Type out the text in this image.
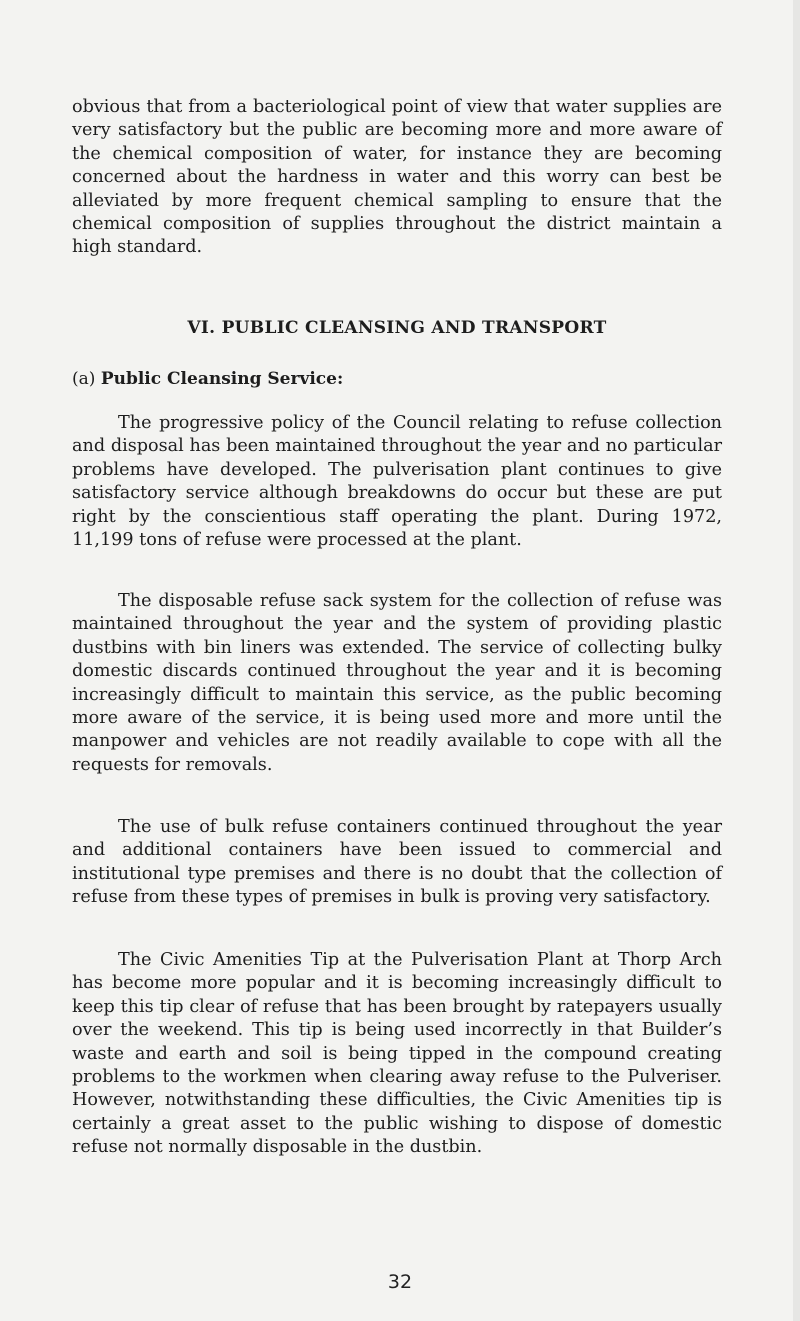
obvious that from a bacteriological point of view that water supplies are very satisfactory but the public are becoming more and more aware of the chemical composition of water, for instance they are becoming concerned about the hardness in water and this worry can best be alleviated by more frequent chemical sampling to ensure that the chemical composition of supplies throughout the district maintain a high standard.

VI. PUBLIC CLEANSING AND TRANSPORT
(a) Public Cleansing Service:

The progressive policy of the Council relating to refuse collection and disposal has been maintained throughout the year and no particular problems have developed. The pulverisation plant continues to give satisfactory service although breakdowns do occur but these are put right by the conscientious staff operating the plant. During 1972, 11,199 tons of refuse were processed at the plant.

The disposable refuse sack system for the collection of refuse was maintained throughout the year and the system of providing plastic dustbins with bin liners was extended. The service of collecting bulky domestic discards continued throughout the year and it is becoming increasingly difficult to maintain this service, as the public becoming more aware of the service, it is being used more and more until the manpower and vehicles are not readily available to cope with all the requests for removals.

The use of bulk refuse containers continued throughout the year and additional containers have been issued to commercial and institutional type premises and there is no doubt that the collection of refuse from these types of premises in bulk is proving very satisfactory.

The Civic Amenities Tip at the Pulverisation Plant at Thorp Arch has become more popular and it is becoming increasingly difficult to keep this tip clear of refuse that has been brought by ratepayers usually over the weekend. This tip is being used incorrectly in that Builder’s waste and earth and soil is being tipped in the compound creating problems to the workmen when clearing away refuse to the Pulveriser. However, notwithstanding these difficulties, the Civic Amenities tip is certainly a great asset to the public wishing to dispose of domestic refuse not normally disposable in the dustbin.

32
